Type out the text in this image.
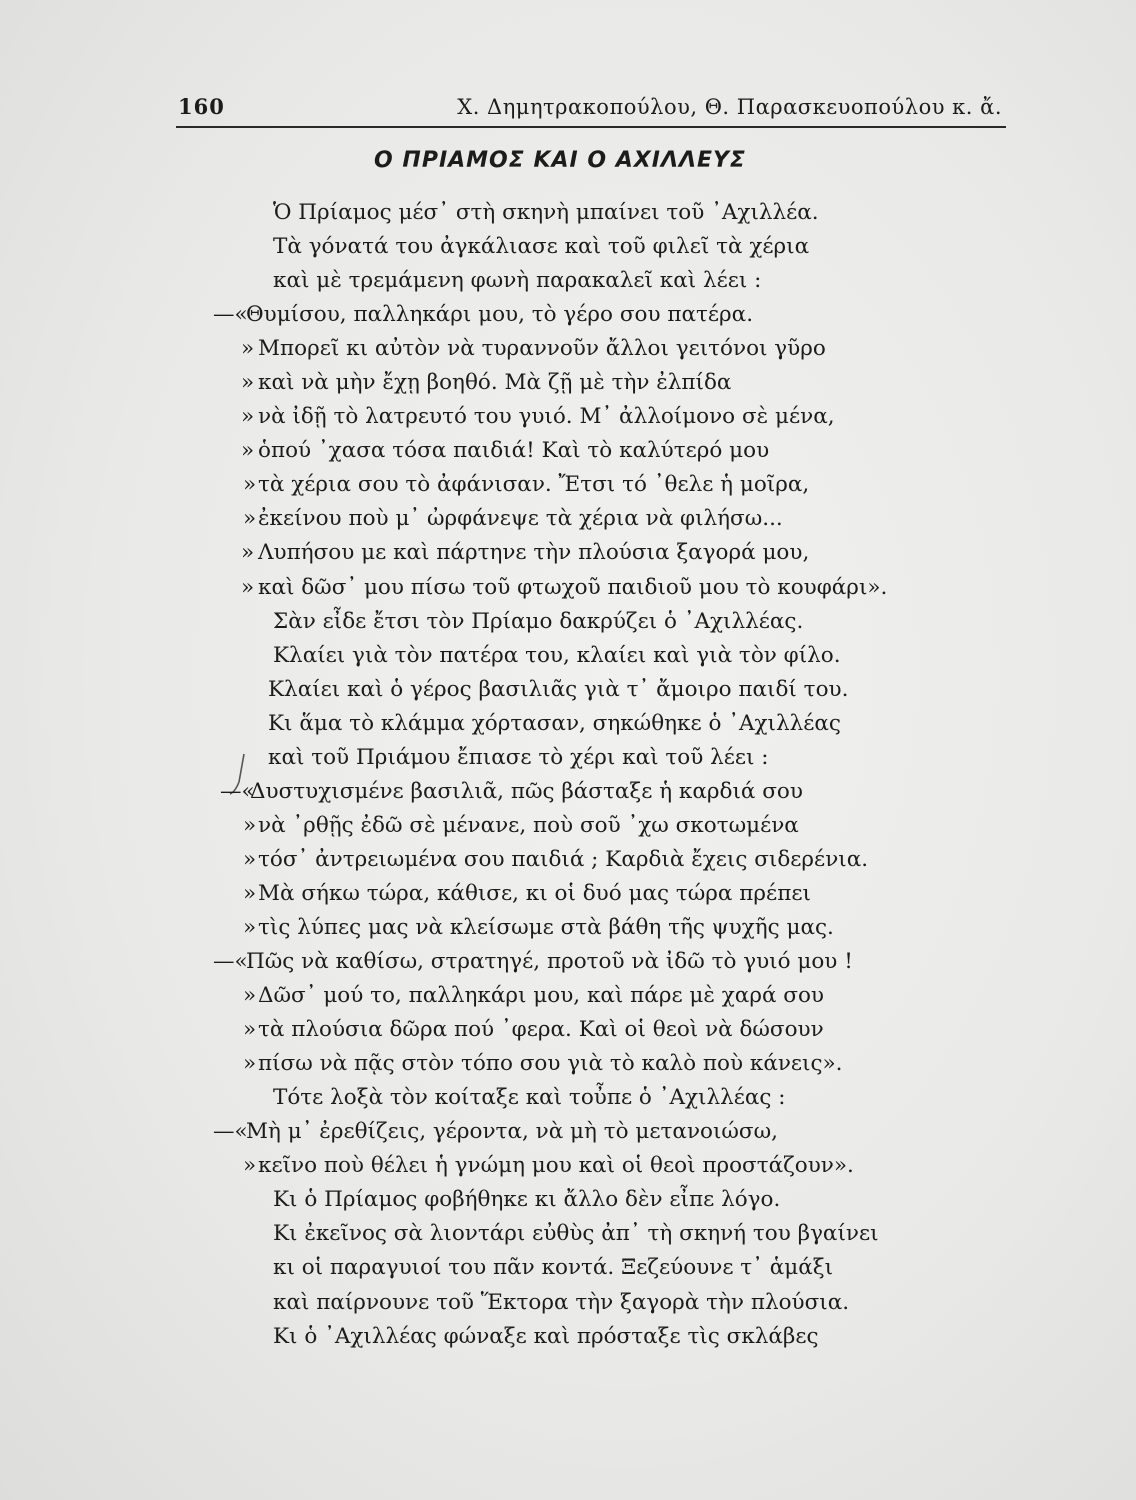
160	Χ. Δημητρακοπούλου, Θ. Παρασκευοπούλου κ. ἄ.
Ο ΠΡΙΑΜΟΣ ΚΑΙ Ο ΑΧΙΛΛΕΥΣ
Ὁ Πρίαμος μέσ᾽ στὴ σκηνὴ μπαίνει τοῦ ᾽Αχιλλέα.
Τὰ γόνατά του ἀγκάλιασε καὶ τοῦ φιλεῖ τὰ χέρια
καὶ μὲ τρεμάμενη φωνὴ παρακαλεῖ καὶ λέει :
—«
Θυμίσου, παλληκάρι μου, τὸ γέρο σου πατέρα.
» Μπορεῖ κι αὐτὸν νὰ τυραννοῦν ἄλλοι γειτόνοι γῦρο
» καὶ νὰ μὴν ἔχῃ βοηθό. Μὰ ζῇ μὲ τὴν ἐλπίδα
» νὰ ἰδῇ τὸ λατρευτό του γυιό. Μ᾽ ἀλλοίμονο σὲ μένα,
» ὁπού ᾽χασα τόσα παιδιά! Καὶ τὸ καλύτερό μου
» τὰ χέρια σου τὸ ἀφάνισαν. Ἔτσι τό ᾽θελε ἡ μοῖρα,
» ἐκείνου ποὺ μ᾽ ὠρφάνεψε τὰ χέρια νὰ φιλήσω...
» Λυπήσου με καὶ πάρτηνε τὴν πλούσια ξαγορά μου,
» καὶ δῶσ᾽ μου πίσω τοῦ φτωχοῦ παιδιοῦ μου τὸ κουφάρι».
Σὰν εἶδε ἔτσι τὸν Πρίαμο δακρύζει ὁ ᾽Αχιλλέας.
Κλαίει γιὰ τὸν πατέρα του, κλαίει καὶ γιὰ τὸν φίλο.
Κλαίει καὶ ὁ γέρος βασιλιᾶς γιὰ τ᾽ ἄμοιρο παιδί του.
Κι ἅμα τὸ κλάμμα χόρτασαν, σηκώθηκε ὁ ᾽Αχιλλέας
καὶ τοῦ Πριάμου ἔπιασε τὸ χέρι καὶ τοῦ λέει :
—«
Δυστυχισμένε βασιλιᾶ, πῶς βάσταξε ἡ καρδιά σου
» νὰ ᾽ρθῇς ἐδῶ σὲ μένανε, ποὺ σοῦ ᾽χω σκοτωμένα
» τόσ᾽ ἀντρειωμένα σου παιδιά ; Καρδιὰ ἔχεις σιδερένια.
» Μὰ σήκω τώρα, κάθισε, κι οἱ δυό μας τώρα πρέπει
» τὶς λύπες μας νὰ κλείσωμε στὰ βάθη τῆς ψυχῆς μας.
—«
Πῶς νὰ καθίσω, στρατηγέ, προτοῦ νὰ ἰδῶ τὸ γυιό μου !
» Δῶσ᾽ μού το, παλληκάρι μου, καὶ πάρε μὲ χαρά σου
» τὰ πλούσια δῶρα πού ᾽φερα. Καὶ οἱ θεοὶ νὰ δώσουν
» πίσω νὰ πᾷς στὸν τόπο σου γιὰ τὸ καλὸ ποὺ κάνεις».
Τότε λοξὰ τὸν κοίταξε καὶ τοὖπε ὁ ᾽Αχιλλέας :
—«
Μὴ μ᾽ ἐρεθίζεις, γέροντα, νὰ μὴ τὸ μετανοιώσω,
» κεῖνο ποὺ θέλει ἡ γνώμη μου καὶ οἱ θεοὶ προστάζουν».
Κι ὁ Πρίαμος φοβήθηκε κι ἄλλο δὲν εἶπε λόγο.
Κι ἐκεῖνος σὰ λιοντάρι εὐθὺς ἀπ᾽ τὴ σκηνή του βγαίνει
κι οἱ παραγυιοί του πᾶν κοντά. Ξεζεύουνε τ᾽ ἁμάξι
καὶ παίρνουνε τοῦ Ἕκτορα τὴν ξαγορὰ τὴν πλούσια.
Κι ὁ ᾽Αχιλλέας φώναξε καὶ πρόσταξε τὶς σκλάβες
